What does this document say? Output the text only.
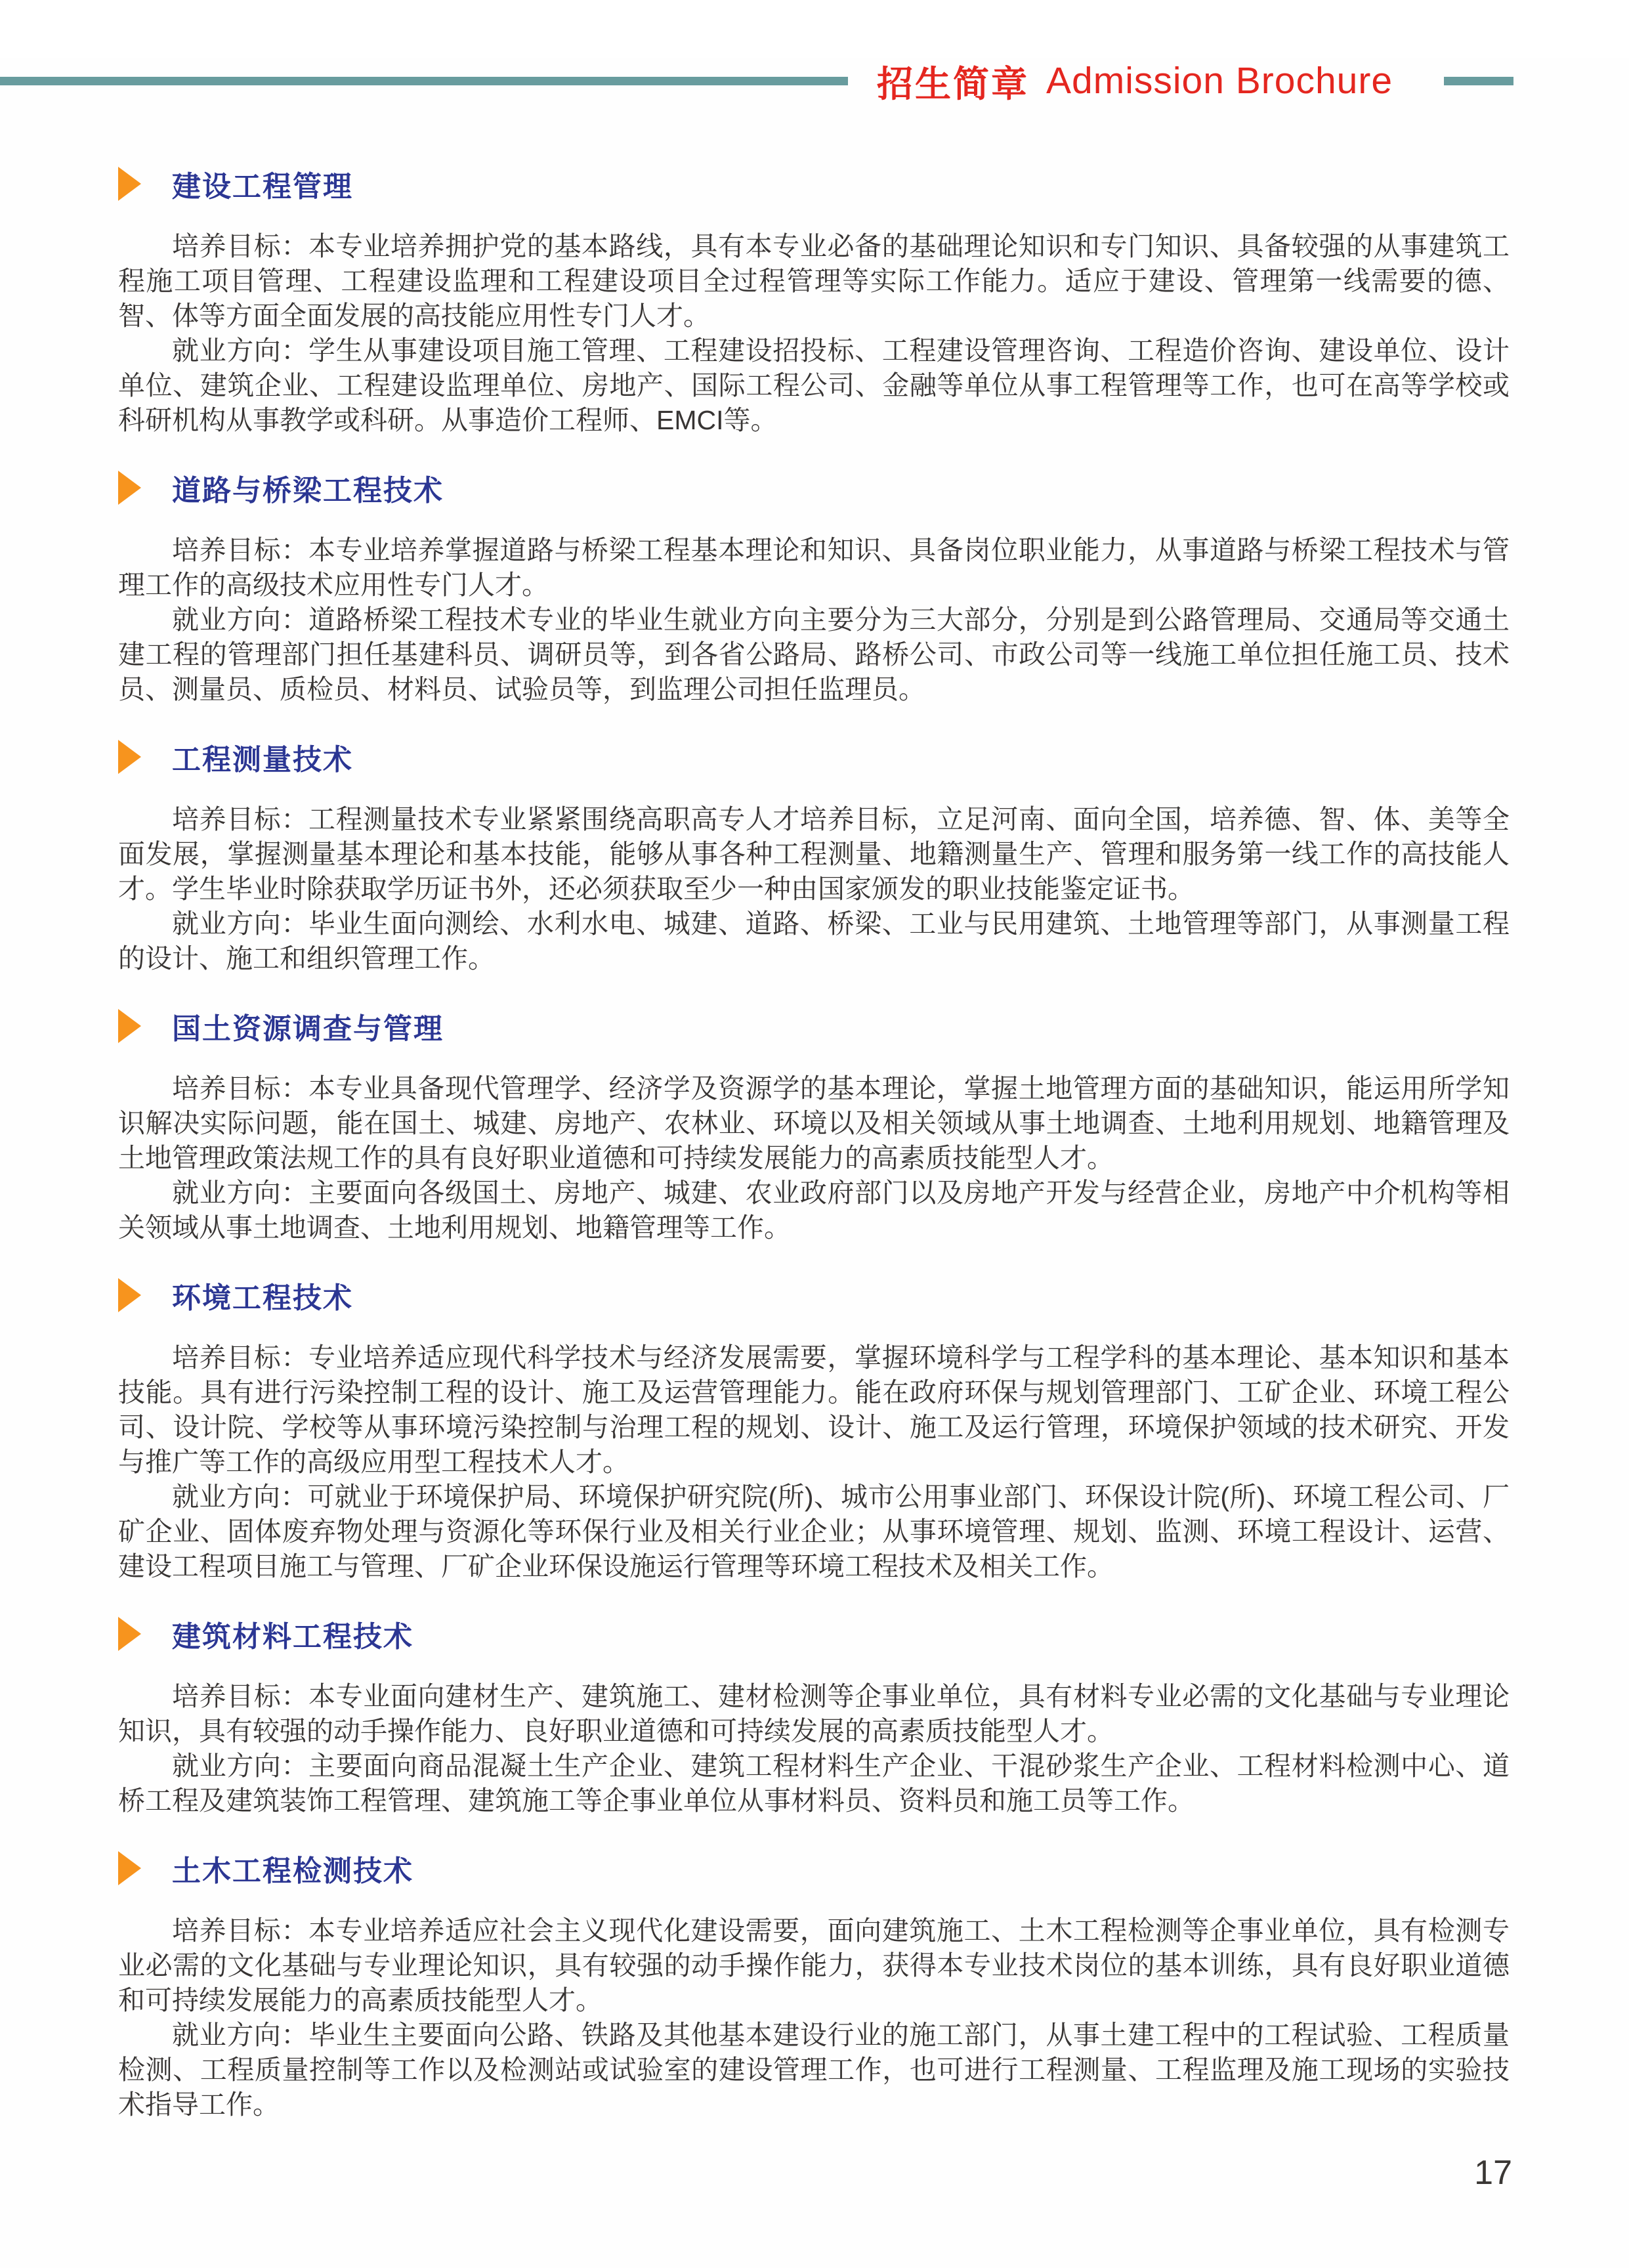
招生简章 Admission Brochure
建设工程管理

培养目标：本专业培养拥护党的基本路线，具有本专业必备的基础理论知识和专门知识、具备较强的从事建筑工程施工项目管理、工程建设监理和工程建设项目全过程管理等实际工作能力。适应于建设、管理第一线需要的德、智、体等方面全面发展的高技能应用性专门人才。

就业方向：学生从事建设项目施工管理、工程建设招投标、工程建设管理咨询、工程造价咨询、建设单位、设计单位、建筑企业、工程建设监理单位、房地产、国际工程公司、金融等单位从事工程管理等工作，也可在高等学校或科研机构从事教学或科研。从事造价工程师、EMCI等。

道路与桥梁工程技术

培养目标：本专业培养掌握道路与桥梁工程基本理论和知识、具备岗位职业能力，从事道路与桥梁工程技术与管理工作的高级技术应用性专门人才。

就业方向：道路桥梁工程技术专业的毕业生就业方向主要分为三大部分，分别是到公路管理局、交通局等交通土建工程的管理部门担任基建科员、调研员等，到各省公路局、路桥公司、市政公司等一线施工单位担任施工员、技术员、测量员、质检员、材料员、试验员等，到监理公司担任监理员。

工程测量技术

培养目标：工程测量技术专业紧紧围绕高职高专人才培养目标，立足河南、面向全国，培养德、智、体、美等全面发展，掌握测量基本理论和基本技能，能够从事各种工程测量、地籍测量生产、管理和服务第一线工作的高技能人才。学生毕业时除获取学历证书外，还必须获取至少一种由国家颁发的职业技能鉴定证书。

就业方向：毕业生面向测绘、水利水电、城建、道路、桥梁、工业与民用建筑、土地管理等部门，从事测量工程的设计、施工和组织管理工作。

国土资源调查与管理

培养目标：本专业具备现代管理学、经济学及资源学的基本理论，掌握土地管理方面的基础知识，能运用所学知识解决实际问题，能在国土、城建、房地产、农林业、环境以及相关领域从事土地调查、土地利用规划、地籍管理及土地管理政策法规工作的具有良好职业道德和可持续发展能力的高素质技能型人才。

就业方向：主要面向各级国土、房地产、城建、农业政府部门以及房地产开发与经营企业，房地产中介机构等相关领域从事土地调查、土地利用规划、地籍管理等工作。

环境工程技术

培养目标：专业培养适应现代科学技术与经济发展需要，掌握环境科学与工程学科的基本理论、基本知识和基本技能。具有进行污染控制工程的设计、施工及运营管理能力。能在政府环保与规划管理部门、工矿企业、环境工程公司、设计院、学校等从事环境污染控制与治理工程的规划、设计、施工及运行管理，环境保护领域的技术研究、开发与推广等工作的高级应用型工程技术人才。

就业方向：可就业于环境保护局、环境保护研究院(所)、城市公用事业部门、环保设计院(所)、环境工程公司、厂矿企业、固体废弃物处理与资源化等环保行业及相关行业企业；从事环境管理、规划、监测、环境工程设计、运营、建设工程项目施工与管理、厂矿企业环保设施运行管理等环境工程技术及相关工作。

建筑材料工程技术

培养目标：本专业面向建材生产、建筑施工、建材检测等企事业单位，具有材料专业必需的文化基础与专业理论知识，具有较强的动手操作能力、良好职业道德和可持续发展的高素质技能型人才。

就业方向：主要面向商品混凝土生产企业、建筑工程材料生产企业、干混砂浆生产企业、工程材料检测中心、道桥工程及建筑装饰工程管理、建筑施工等企事业单位从事材料员、资料员和施工员等工作。

土木工程检测技术

培养目标：本专业培养适应社会主义现代化建设需要，面向建筑施工、土木工程检测等企事业单位，具有检测专业必需的文化基础与专业理论知识，具有较强的动手操作能力，获得本专业技术岗位的基本训练，具有良好职业道德和可持续发展能力的高素质技能型人才。

就业方向：毕业生主要面向公路、铁路及其他基本建设行业的施工部门，从事土建工程中的工程试验、工程质量检测、工程质量控制等工作以及检测站或试验室的建设管理工作，也可进行工程测量、工程监理及施工现场的实验技术指导工作。

17
